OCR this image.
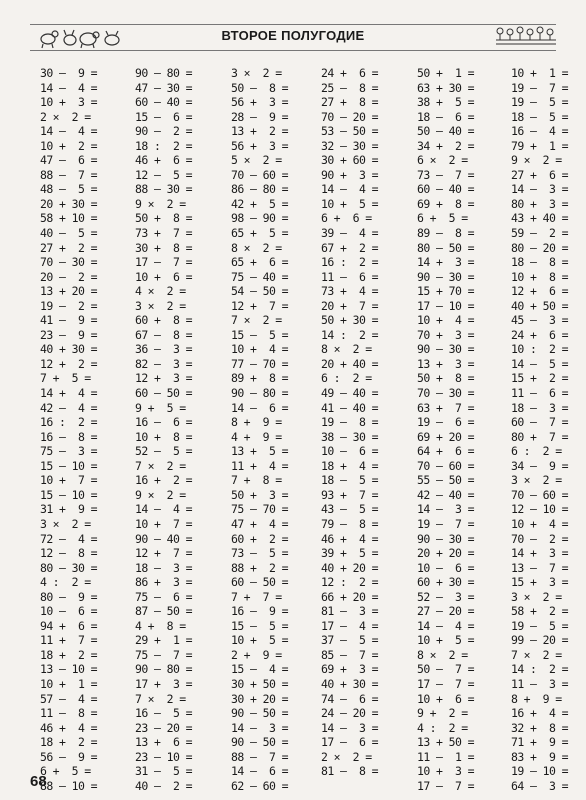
ВТОРОЕ ПОЛУГОДИЕ
30 –  9 =
14 –  4 =
10 +  3 =
2 ×  2 =
14 –  4 =
10 +  2 =
47 –  6 =
88 –  7 =
48 –  5 =
20 + 30 =
58 + 10 =
40 –  5 =
27 +  2 =
70 – 30 =
20 –  2 =
13 + 20 =
19 –  2 =
41 –  9 =
23 –  9 =
40 + 30 =
12 +  2 =
7 +  5 =
14 +  4 =
42 –  4 =
16 :  2 =
16 –  8 =
75 –  3 =
15 – 10 =
10 +  7 =
15 – 10 =
31 +  9 =
3 ×  2 =
72 –  4 =
12 –  8 =
80 – 30 =
4 :  2 =
80 –  9 =
10 –  6 =
94 +  6 =
11 +  7 =
18 +  2 =
13 – 10 =
10 +  1 =
57 –  4 =
11 –  8 =
46 +  4 =
18 +  2 =
56 –  9 =
6 +  5 =
88 – 10 =
90 – 80 =
47 – 30 =
60 – 40 =
15 –  6 =
90 –  2 =
18 :  2 =
46 +  6 =
12 –  5 =
88 – 30 =
9 ×  2 =
50 +  8 =
73 +  7 =
30 +  8 =
17 –  7 =
10 +  6 =
4 ×  2 =
3 ×  2 =
60 +  8 =
67 –  8 =
36 –  3 =
82 –  3 =
12 +  3 =
60 – 50 =
9 +  5 =
16 –  6 =
10 +  8 =
52 –  5 =
7 ×  2 =
16 +  2 =
9 ×  2 =
14 –  4 =
10 +  7 =
90 – 40 =
12 +  7 =
18 –  3 =
86 +  3 =
75 –  6 =
87 – 50 =
4 +  8 =
29 +  1 =
75 –  7 =
90 – 80 =
17 +  3 =
7 ×  2 =
16 –  5 =
23 – 20 =
13 +  6 =
23 – 10 =
31 –  5 =
40 –  2 =
3 ×  2 =
50 –  8 =
56 +  3 =
28 –  9 =
13 +  2 =
56 +  3 =
5 ×  2 =
70 – 60 =
86 – 80 =
42 +  5 =
98 – 90 =
65 +  5 =
8 ×  2 =
65 +  6 =
75 – 40 =
54 – 50 =
12 +  7 =
7 ×  2 =
15 –  5 =
10 +  4 =
77 – 70 =
89 +  8 =
90 – 80 =
14 –  6 =
8 +  9 =
4 +  9 =
13 +  5 =
11 +  4 =
7 +  8 =
50 +  3 =
75 – 70 =
47 +  4 =
60 +  2 =
73 –  5 =
88 +  2 =
60 – 50 =
7 +  7 =
16 –  9 =
15 –  5 =
10 +  5 =
2 +  9 =
15 –  4 =
30 + 50 =
30 + 20 =
90 – 50 =
14 –  3 =
90 – 50 =
88 –  7 =
14 –  6 =
62 – 60 =
24 +  6 =
25 –  8 =
27 +  8 =
70 – 20 =
53 – 50 =
32 – 30 =
30 + 60 =
90 +  3 =
14 –  4 =
10 +  5 =
6 +  6 =
39 –  4 =
67 +  2 =
16 :  2 =
11 –  6 =
73 +  4 =
20 +  7 =
50 + 30 =
14 :  2 =
8 ×  2 =
20 + 40 =
6 :  2 =
49 – 40 =
41 – 40 =
19 –  8 =
38 – 30 =
10 –  6 =
18 +  4 =
18 –  5 =
93 +  7 =
43 –  5 =
79 –  8 =
46 +  4 =
39 +  5 =
40 + 20 =
12 :  2 =
66 + 20 =
81 –  3 =
17 –  4 =
37 –  5 =
85 –  7 =
69 +  3 =
40 + 30 =
74 –  6 =
24 – 20 =
14 –  3 =
17 –  6 =
2 ×  2 =
81 –  8 =
50 +  1 =
63 + 30 =
38 +  5 =
18 –  6 =
50 – 40 =
34 +  2 =
6 ×  2 =
73 –  7 =
60 – 40 =
69 +  8 =
6 +  5 =
89 –  8 =
80 – 50 =
14 +  3 =
90 – 30 =
15 + 70 =
17 – 10 =
10 +  4 =
70 +  3 =
90 – 30 =
13 +  3 =
50 +  8 =
70 – 30 =
63 +  7 =
19 –  6 =
69 + 20 =
64 +  6 =
70 – 60 =
55 – 50 =
42 – 40 =
14 –  3 =
19 –  7 =
90 – 30 =
20 + 20 =
10 –  6 =
60 + 30 =
52 –  3 =
27 – 20 =
14 –  4 =
10 +  5 =
8 ×  2 =
50 –  7 =
17 –  7 =
10 +  6 =
9 +  2 =
4 :  2 =
13 + 50 =
11 –  1 =
10 +  3 =
17 –  7 =
10 +  1 =
19 –  7 =
19 –  5 =
18 –  5 =
16 –  4 =
79 +  1 =
9 ×  2 =
27 +  6 =
14 –  3 =
80 +  3 =
43 + 40 =
59 –  2 =
80 – 20 =
18 –  8 =
10 +  8 =
12 +  6 =
40 + 50 =
45 –  3 =
24 +  6 =
10 :  2 =
14 –  5 =
15 +  2 =
11 –  6 =
18 –  3 =
60 –  7 =
80 +  7 =
6 :  2 =
34 –  9 =
3 ×  2 =
70 – 60 =
12 – 10 =
10 +  4 =
70 –  2 =
14 +  3 =
13 –  7 =
15 +  3 =
3 ×  2 =
58 +  2 =
19 –  5 =
99 – 20 =
7 ×  2 =
14 :  2 =
11 –  3 =
8 +  9 =
16 +  4 =
32 +  8 =
71 +  9 =
83 +  9 =
19 – 10 =
64 –  3 =
68
